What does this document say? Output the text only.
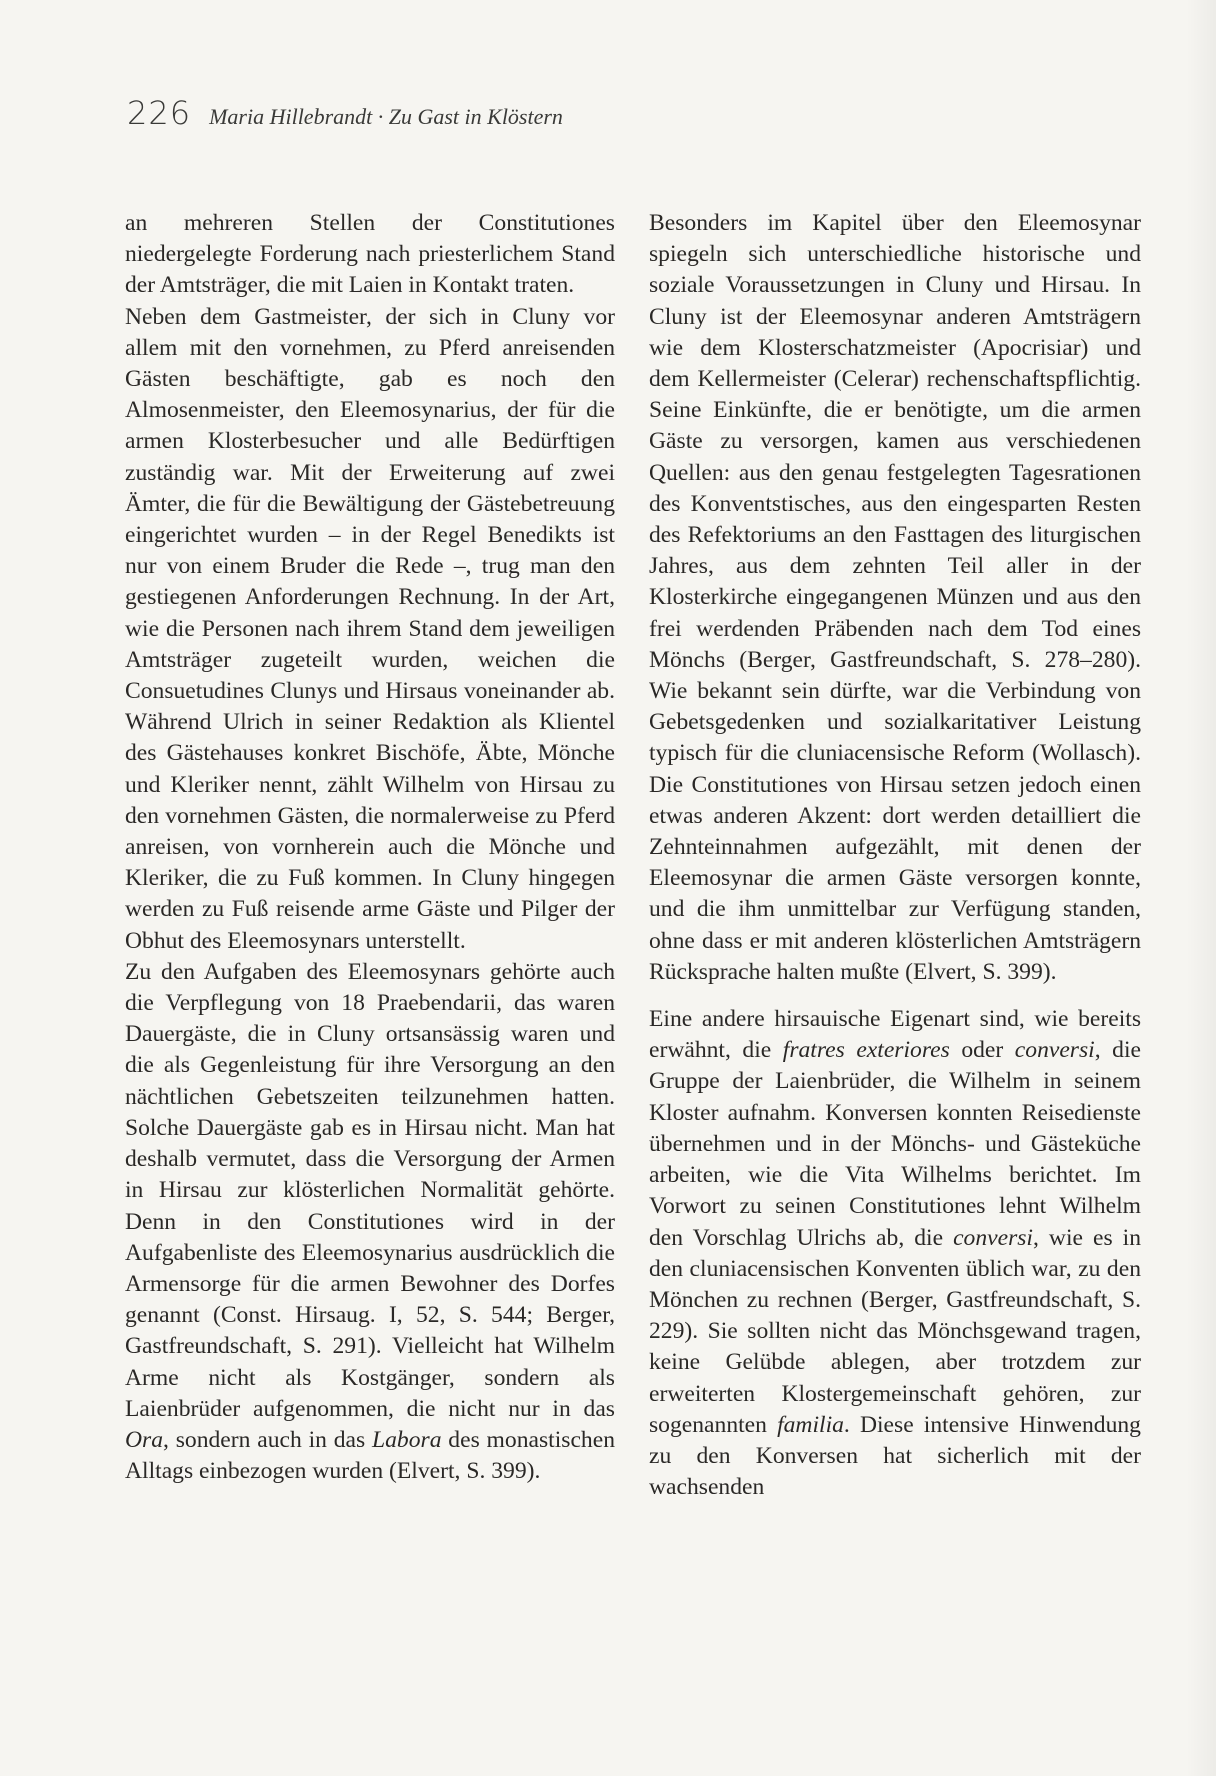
226 Maria Hillebrandt · Zu Gast in Klöstern

an mehreren Stellen der Constitutiones niedergelegte Forderung nach priesterlichem Stand der Amtsträger, die mit Laien in Kontakt traten.

Neben dem Gastmeister, der sich in Cluny vor allem mit den vornehmen, zu Pferd anreisenden Gästen beschäftigte, gab es noch den Almosenmeister, den Eleemosynarius, der für die armen Klosterbesucher und alle Bedürftigen zuständig war. Mit der Erweiterung auf zwei Ämter, die für die Bewältigung der Gästebetreuung eingerichtet wurden – in der Regel Benedikts ist nur von einem Bruder die Rede –, trug man den gestiegenen Anforderungen Rechnung. In der Art, wie die Personen nach ihrem Stand dem jeweiligen Amtsträger zugeteilt wurden, weichen die Consuetudines Clunys und Hirsaus voneinander ab. Während Ulrich in seiner Redaktion als Klientel des Gästehauses konkret Bischöfe, Äbte, Mönche und Kleriker nennt, zählt Wilhelm von Hirsau zu den vornehmen Gästen, die normalerweise zu Pferd anreisen, von vornherein auch die Mönche und Kleriker, die zu Fuß kommen. In Cluny hingegen werden zu Fuß reisende arme Gäste und Pilger der Obhut des Eleemosynars unterstellt.

Zu den Aufgaben des Eleemosynars gehörte auch die Verpflegung von 18 Praebendarii, das waren Dauergäste, die in Cluny ortsansässig waren und die als Gegenleistung für ihre Versorgung an den nächtlichen Gebetszeiten teilzunehmen hatten. Solche Dauergäste gab es in Hirsau nicht. Man hat deshalb vermutet, dass die Versorgung der Armen in Hirsau zur klösterlichen Normalität gehörte. Denn in den Constitutiones wird in der Aufgabenliste des Eleemosynarius ausdrücklich die Armensorge für die armen Bewohner des Dorfes genannt (Const. Hirsaug. I, 52, S. 544; Berger, Gastfreundschaft, S. 291). Vielleicht hat Wilhelm Arme nicht als Kostgänger, sondern als Laienbrüder aufgenommen, die nicht nur in das Ora, sondern auch in das Labora des monastischen Alltags einbezogen wurden (Elvert, S. 399).

Besonders im Kapitel über den Eleemosynar spiegeln sich unterschiedliche historische und soziale Voraussetzungen in Cluny und Hirsau. In Cluny ist der Eleemosynar anderen Amtsträgern wie dem Klosterschatzmeister (Apocrisiar) und dem Kellermeister (Celerar) rechenschaftspflichtig. Seine Einkünfte, die er benötigte, um die armen Gäste zu versorgen, kamen aus verschiedenen Quellen: aus den genau festgelegten Tagesrationen des Konventstisches, aus den eingesparten Resten des Refektoriums an den Fasttagen des liturgischen Jahres, aus dem zehnten Teil aller in der Klosterkirche eingegangenen Münzen und aus den frei werdenden Präbenden nach dem Tod eines Mönchs (Berger, Gastfreundschaft, S. 278–280). Wie bekannt sein dürfte, war die Verbindung von Gebetsgedenken und sozialkaritativer Leistung typisch für die cluniacensische Reform (Wollasch). Die Constitutiones von Hirsau setzen jedoch einen etwas anderen Akzent: dort werden detailliert die Zehnteinnahmen aufgezählt, mit denen der Eleemosynar die armen Gäste versorgen konnte, und die ihm unmittelbar zur Verfügung standen, ohne dass er mit anderen klösterlichen Amtsträgern Rücksprache halten mußte (Elvert, S. 399).

Eine andere hirsauische Eigenart sind, wie bereits erwähnt, die fratres exteriores oder conversi, die Gruppe der Laienbrüder, die Wilhelm in seinem Kloster aufnahm. Konversen konnten Reisedienste übernehmen und in der Mönchs- und Gästeküche arbeiten, wie die Vita Wilhelms berichtet. Im Vorwort zu seinen Constitutiones lehnt Wilhelm den Vorschlag Ulrichs ab, die conversi, wie es in den cluniacensischen Konventen üblich war, zu den Mönchen zu rechnen (Berger, Gastfreundschaft, S. 229). Sie sollten nicht das Mönchsgewand tragen, keine Gelübde ablegen, aber trotzdem zur erweiterten Klostergemeinschaft gehören, zur sogenannten familia. Diese intensive Hinwendung zu den Konversen hat sicherlich mit der wachsenden
